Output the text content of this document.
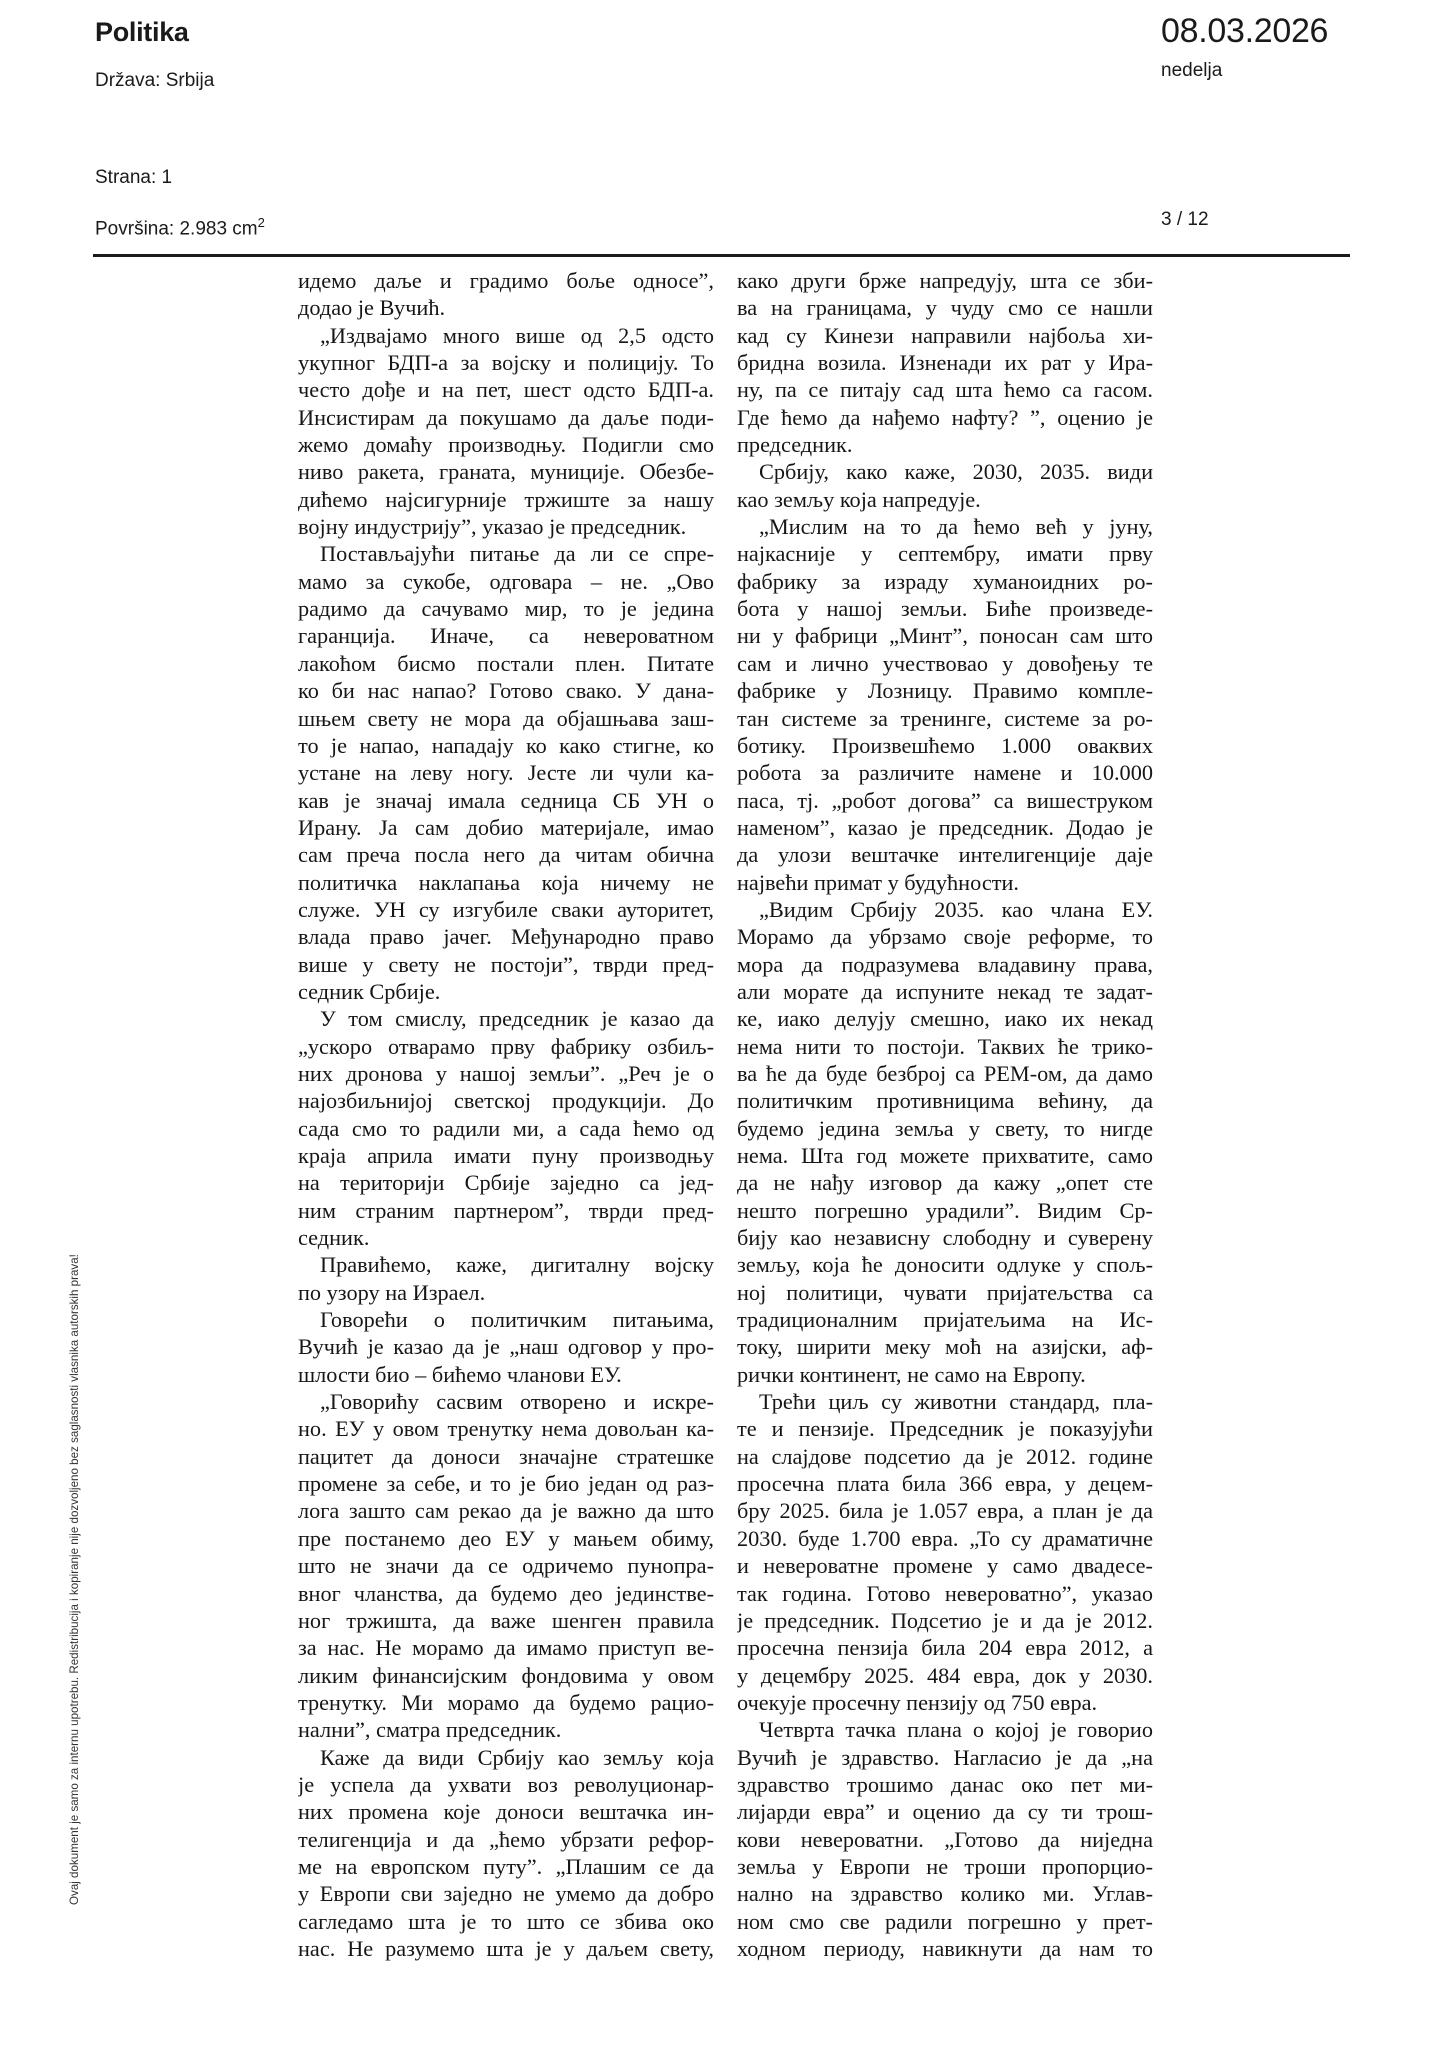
Politika
Država: Srbija
Strana: 1
Površina: 2.983 $cm^2$
08.03.2026
nedelja
3 / 12
Ovaj dokument je samo za internu upotrebu. Redistribucija i kopiranje nije dozvoljeno bez saglasnosti vlasnika autorskih prava!
идемо даље и градимо боље односе”,
додао је Вучић.
„Издвајамо много више од 2,5 одсто
укупног БДП-а за војску и полицију. То
често дође и на пет, шест одсто БДП-а.
Инсистирам да покушамо да даље поди-
жемо домаћу производњу. Подигли смо
ниво ракета, граната, муниције. Обезбе-
дићемо најсигурније тржиште за нашу
војну индустрију”, указао је председник.
Постављајући питање да ли се спре-
мамо за сукобе, одговара – не. „Ово
радимо да сачувамо мир, то је једина
гаранција. Иначе, са невероватном
лакоћом бисмо постали плен. Питате
ко би нас напао? Готово свако. У дана-
шњем свету не мора да објашњава заш-
то је напао, нападају ко како стигне, ко
устане на леву ногу. Јесте ли чули ка-
кав је значај имала седница СБ УН о
Ирану. Ја сам добио материјале, имао
сам преча посла него да читам обична
политичка наклапања која ничему не
служе. УН су изгубиле сваки ауторитет,
влада право јачег. Међународно право
више у свету не постоји”, тврди пред-
седник Србије.
У том смислу, председник је казао да
„ускоро отварамо прву фабрику озбиљ-
них дронова у нашој земљи”. „Реч је о
најозбиљнијој светској продукцији. До
сада смо то радили ми, а сада ћемо од
краја априла имати пуну производњу
на територији Србије заједно са јед-
ним страним партнером”, тврди пред-
седник.
Правићемо, каже, дигиталну војску
по узору на Израел.
Говорећи о политичким питањима,
Вучић је казао да је „наш одговор у про-
шлости био – бићемо чланови ЕУ.
„Говорићу сасвим отворено и искре-
но. ЕУ у овом тренутку нема довољан ка-
пацитет да доноси значајне стратешке
промене за себе, и то је био један од раз-
лога зашто сам рекао да је важно да што
пре постанемо део ЕУ у мањем обиму,
што не значи да се одричемо пунопра-
вног чланства, да будемо део јединстве-
ног тржишта, да важе шенген правила
за нас. Не морамо да имамо приступ ве-
ликим финансијским фондовима у овом
тренутку. Ми морамо да будемо рацио-
нални”, сматра председник.
Каже да види Србију као земљу која
је успела да ухвати воз револуционар-
них промена које доноси вештачка ин-
телигенција и да „ћемо убрзати рефор-
ме на европском путу”. „Плашим се да
у Европи сви заједно не умемо да добро
сагледамо шта је то што се збива око
нас. Не разумемо шта је у даљем свету,
како други брже напредују, шта се зби-
ва на границама, у чуду смо се нашли
кад су Кинези направили најбоља хи-
бридна возила. Изненади их рат у Ира-
ну, па се питају сад шта ћемо са гасом.
Где ћемо да нађемо нафту? ”, оценио је
председник.
Србију, како каже, 2030, 2035. види
као земљу која напредује.
„Мислим на то да ћемо већ у јуну,
најкасније у септембру, имати прву
фабрику за израду хуманоидних ро-
бота у нашој земљи. Биће произведе-
ни у фабрици „Минт”, поносан сам што
сам и лично учествовао у довођењу те
фабрике у Лозницу. Правимо компле-
тан системе за тренинге, системе за ро-
ботику. Произвешћемо 1.000 оваквих
робота за различите намене и 10.000
паса, тј. „робот догова” са вишеструком
наменом”, казао је председник. Додао је
да улози вештачке интелигенције даје
највећи примат у будућности.
„Видим Србију 2035. као члана ЕУ.
Морамо да убрзамо своје реформе, то
мора да подразумева владавину права,
али морате да испуните некад те задат-
ке, иако делују смешно, иако их некад
нема нити то постоји. Таквих ће трико-
ва ће да буде безброј са РЕМ-ом, да дамо
политичким противницима већину, да
будемо једина земља у свету, то нигде
нема. Шта год можете прихватите, само
да не нађу изговор да кажу „опет сте
нешто погрешно урадили”. Видим Ср-
бију као независну слободну и суверену
земљу, која ће доносити одлуке у спољ-
ној политици, чувати пријатељства са
традиционалним пријатељима на Ис-
току, ширити меку моћ на азијски, аф-
рички континент, не само на Европу.
Трећи циљ су животни стандард, пла-
те и пензије. Председник је показујући
на слајдове подсетио да је 2012. године
просечна плата била 366 евра, у децем-
бру 2025. била је 1.057 евра, а план је да
2030. буде 1.700 евра. „То су драматичне
и невероватне промене у само двадесе-
так година. Готово невероватно”, указао
је председник. Подсетио је и да је 2012.
просечна пензија била 204 евра 2012, а
у децембру 2025. 484 евра, док у 2030.
очекује просечну пензију од 750 евра.
Четврта тачка плана о којој је говорио
Вучић је здравство. Нагласио је да „на
здравство трошимо данас око пет ми-
лијарди евра” и оценио да су ти трош-
кови невероватни. „Готово да ниједна
земља у Европи не троши пропорцио-
нално на здравство колико ми. Углав-
ном смо све радили погрешно у прет-
ходном периоду, навикнути да нам то
